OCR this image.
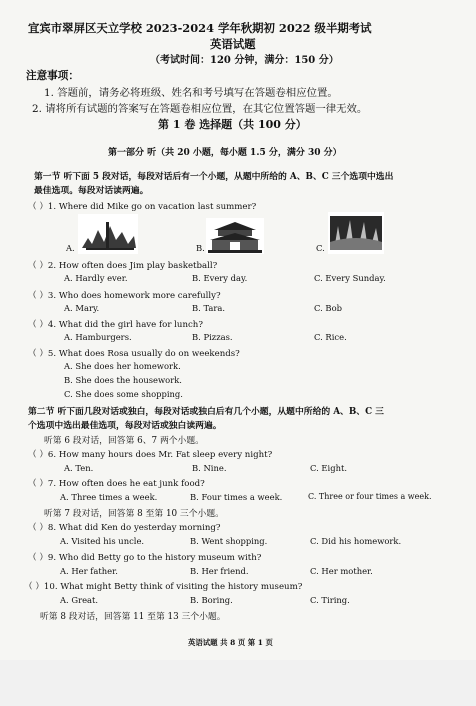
宜宾市翠屏区天立学校 2023-2024 学年秋期初 2022 级半期考试
英语试题
（考试时间：120 分钟，满分：150 分）
注意事项：
1. 答题前，请务必将班级、姓名和考号填写在答题卷相应位置。
2. 请将所有试题的答案写在答题卷相应位置，在其它位置答题一律无效。
第 1 卷 选择题（共 100 分）
第一部分 听（共 20 小题，每小题 1.5 分，满分 30 分）
第一节 听下面 5 段对话，每段对话后有一个小题，从题中所给的 A、B、C 三个选项中选出
最佳选项。每段对话读两遍。
（ ）1. Where did Mike go on vacation last summer?
A.	B.	C.
（ ）2. How often does Jim play basketball?
A. Hardly ever.	B. Every day.	C. Every Sunday.
（ ）3. Who does homework more carefully?
A. Mary.	B. Tara.	C. Bob
（ ）4. What did the girl have for lunch?
A. Hamburgers.	B. Pizzas.	C. Rice.
（ ）5. What does Rosa usually do on weekends?
A. She does her homework.
B. She does the housework.
C. She does some shopping.
第二节 听下面几段对话或独白，每段对话或独白后有几个小题，从题中所给的 A、B、C 三
个选项中选出最佳选项，每段对话或独白读两遍。
听第 6 段对话，回答第 6、7 两个小题。
（ ）6. How many hours does Mr. Fat sleep every night?
A. Ten.	B. Nine.	C. Eight.
（ ）7. How often does he eat junk food?
A. Three times a week.	B. Four times a week.	C. Three or four times a week.
听第 7 段对话，回答第 8 至第 10 三个小题。
（ ）8. What did Ken do yesterday morning?
A. Visited his uncle.	B. Went shopping.	C. Did his homework.
（ ）9. Who did Betty go to the history museum with?
A. Her father.	B. Her friend.	C. Her mother.
（ ）10. What might Betty think of visiting the history museum?
A. Great.	B. Boring.	C. Tiring.
听第 8 段对话，回答第 11 至第 13 三个小题。
英语试题 共 8 页 第 1 页
